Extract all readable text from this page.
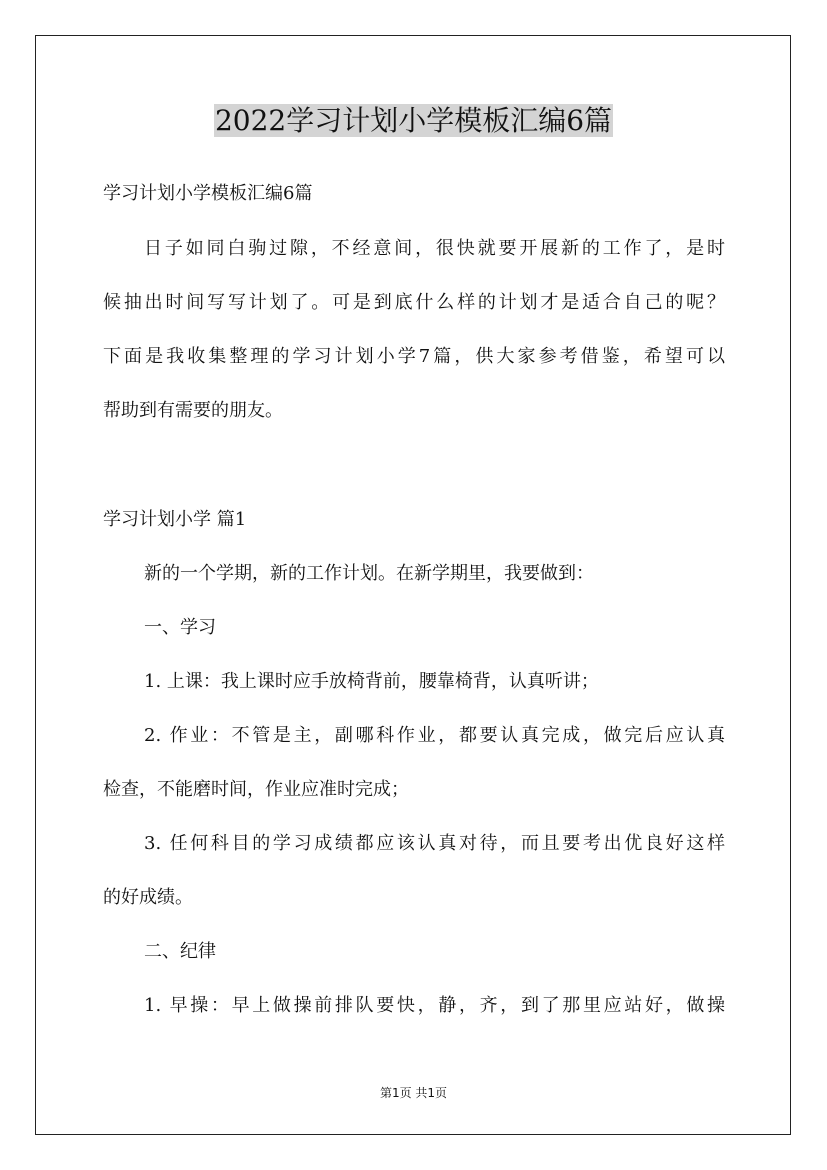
2022学习计划小学模板汇编6篇

学习计划小学模板汇编6篇

日子如同白驹过隙，不经意间，很快就要开展新的工作了，是时

候抽出时间写写计划了。可是到底什么样的计划才是适合自己的呢？

下面是我收集整理的学习计划小学7篇，供大家参考借鉴，希望可以

帮助到有需要的朋友。

学习计划小学 篇1

新的一个学期，新的工作计划。在新学期里，我要做到：

一、学习

1. 上课：我上课时应手放椅背前，腰靠椅背，认真听讲；

2. 作业：不管是主，副哪科作业，都要认真完成，做完后应认真

检查，不能磨时间，作业应准时完成；

3. 任何科目的学习成绩都应该认真对待，而且要考出优良好这样

的好成绩。

二、纪律

1. 早操：早上做操前排队要快，静，齐，到了那里应站好，做操

第1页 共1页
